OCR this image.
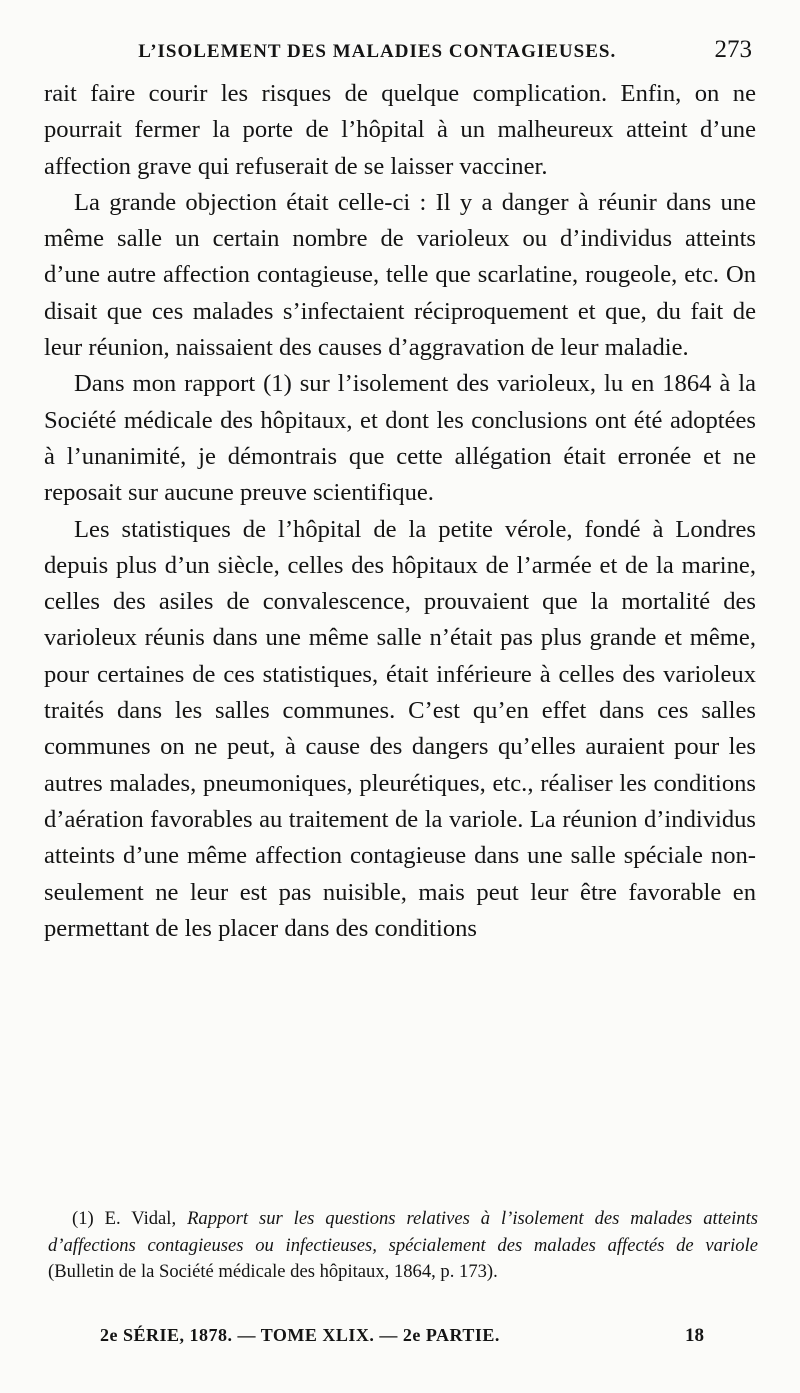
L’ISOLEMENT DES MALADIES CONTAGIEUSES.	273

rait faire courir les risques de quelque complication. Enfin, on ne pourrait fermer la porte de l’hôpital à un malheureux atteint d’une affection grave qui refuserait de se laisser vacciner.

La grande objection était celle-ci : Il y a danger à réunir dans une même salle un certain nombre de varioleux ou d’individus atteints d’une autre affection contagieuse, telle que scarlatine, rougeole, etc. On disait que ces malades s’infectaient réciproquement et que, du fait de leur réunion, naissaient des causes d’aggravation de leur maladie.

Dans mon rapport (1) sur l’isolement des varioleux, lu en 1864 à la Société médicale des hôpitaux, et dont les conclusions ont été adoptées à l’unanimité, je démontrais que cette allégation était erronée et ne reposait sur aucune preuve scientifique.

Les statistiques de l’hôpital de la petite vérole, fondé à Londres depuis plus d’un siècle, celles des hôpitaux de l’armée et de la marine, celles des asiles de convalescence, prouvaient que la mortalité des varioleux réunis dans une même salle n’était pas plus grande et même, pour certaines de ces statistiques, était inférieure à celles des varioleux traités dans les salles communes. C’est qu’en effet dans ces salles communes on ne peut, à cause des dangers qu’elles auraient pour les autres malades, pneumoniques, pleurétiques, etc., réaliser les conditions d’aération favorables au traitement de la variole. La réunion d’individus atteints d’une même affection contagieuse dans une salle spéciale non-seulement ne leur est pas nuisible, mais peut leur être favorable en permettant de les placer dans des conditions

(1) E. Vidal, Rapport sur les questions relatives à l’isolement des malades atteints d’affections contagieuses ou infectieuses, spécialement des malades affectés de variole (Bulletin de la Société médicale des hôpitaux, 1864, p. 173).
2e SÉRIE, 1878. — TOME XLIX. — 2e PARTIE.	18
